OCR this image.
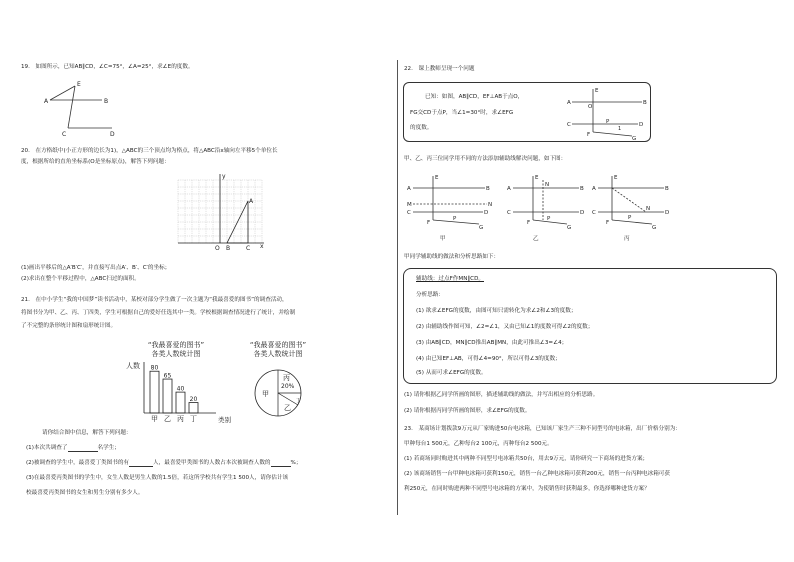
19.　如图所示，已知AB∥CD，∠C=75°，∠A=25°，求∠E的度数。
A	B
C	D
E
20.　在方格纸中(小正方形的边长为1)，△ABC的三个顶点均为格点，将△ABC沿x轴向左平移5个单位长
度，根据所给的直角坐标系(O是坐标原点)，解答下列问题：
y
x
O
A
B	C
(1)画出平移后的△A′B′C′，并直接写出点A′、B′、C′的坐标；
(2)求出在整个平移过程中，△ABC扫过的面积。
21.　在中小学生“我的中国梦”读书活动中，某校对部分学生做了一次主题为“我最喜爱的图书”的调查活动，
将图书分为甲、乙、丙、丁四类，学生可根据自己的爱好任选其中一类。学校根据调查情况进行了统计，并绘制
了不完整的条形统计图和扇形统计图。
“我最喜爱的图书”
各类人数统计图
人数
类别
80
甲
65
乙
40
丙
20
丁
“我最喜爱的图书”
各类人数统计图
甲
丙
20%
乙
丁
请你结合图中信息，解答下列问题：
(1)本次共调查了	名学生；
(2)被调查的学生中，最喜爱丁类图书的有	人，最喜爱甲类图书的人数占本次被调查人数的	%；
(3)在最喜爱丙类图书的学生中，女生人数是男生人数的1.5倍，若这所学校共有学生1 500人，请你估计该
校最喜爱丙类图书的女生和男生分别有多少人。
22.　课上教师呈现一个问题
已知：如图，AB∥CD，EF⊥AB于点O，
FG交CD于点P，当∠1=30°时，求∠EFG
的度数。
A	B
C	D
E
O
F
P
G
1
甲、乙、丙三位同学用不同的方法添加辅助线解决问题，如下图：
A	B
C	D
E
M	N
F
P
G
甲
A	B
C	D
E
N
F
P
G
乙
A	B
C	D
E
N
F
P
G
丙
甲同学辅助线的做法和分析思路如下：
辅助线：过点F作MN∥CD。
分析思路：
(1) 欲求∠EFG的度数，由图可知只需转化为求∠2和∠3的度数；
(2) 由辅助线作图可知，∠2=∠1，又由已知∠1的度数可得∠2的度数；
(3) 由AB∥CD，MN∥CD推出AB∥MN，由此可推出∠3=∠4；
(4) 由已知EF⊥AB，可得∠4=90°，所以可得∠3的度数；
(5) 从而可求∠EFG的度数。
(1) 请你根据乙同学所画的图形，描述辅助线的做法，并写出相应的分析思路。
(2) 请你根据丙同学所画的图形，求∠EFG的度数。
23.　某商场计划拨款9万元从厂家购进50台电冰箱，已知该厂家生产三种不同型号的电冰箱，出厂价格分别为：
甲种每台1 500元，乙种每台2 100元，丙种每台2 500元。
(1) 若商场同时购进其中两种不同型号电冰箱共50台，用去9万元，请你研究一下商场的进货方案；
(2) 该商场销售一台甲种电冰箱可获利150元，销售一台乙种电冰箱可获利200元，销售一台丙种电冰箱可获
利250元，在同时购进两种不同型号电冰箱的方案中，为使销售时获利最多，你选择哪种进货方案？
